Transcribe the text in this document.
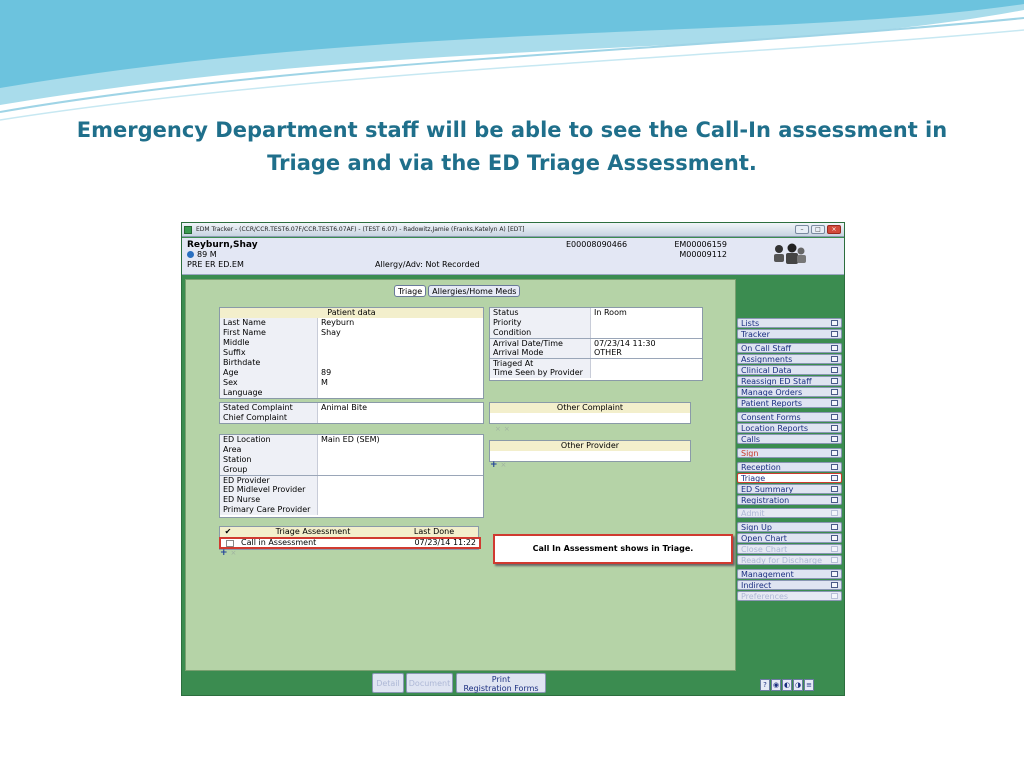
Emergency Department staff will be able to see the Call-In assessment in
Triage and via the ED Triage Assessment.
EDM Tracker - (CCR/CCR.TEST6.07F/CCR.TEST6.07AF) - (TEST 6.07) - Radowitz,Jamie (Franks,Katelyn A) [EDT]	–	□	×
Reyburn,Shay
89 M
PRE ER ED.EM	Allergy/Adv: Not Recorded
E00008090466	EM00006159
M00009112
Triage	Allergies/Home Meds
Patient data
Last Name	Reyburn
First Name	Shay
Middle
Suffix
Birthdate
Age	89
Sex	M
Language
Status	In Room
Priority
Condition
Arrival Date/Time	07/23/14 11:30
Arrival Mode	OTHER
Triaged At
Time Seen by Provider
Stated Complaint	Animal Bite
Chief Complaint
Other Complaint
× ×
ED Location	Main ED (SEM)
Area
Station
Group
ED Provider
ED Midlevel Provider
ED Nurse
Primary Care Provider
Other Provider
+ ×
✔	Triage Assessment	Last Done
Call in Assessment	07/23/14 11:22
+ ×	Call In Assessment shows in Triage.
Lists
Tracker
On Call Staff
Assignments
Clinical Data
Reassign ED Staff
Manage Orders
Patient Reports
Consent Forms
Location Reports
Calls
Sign
Reception
Triage
ED Summary
Registration
Admit
Sign Up
Open Chart
Close Chart
Ready for Discharge
Management
Indirect
Preferences
Detail	Document	Print
Registration Forms	? ◉ ◐ ◑ ≡
